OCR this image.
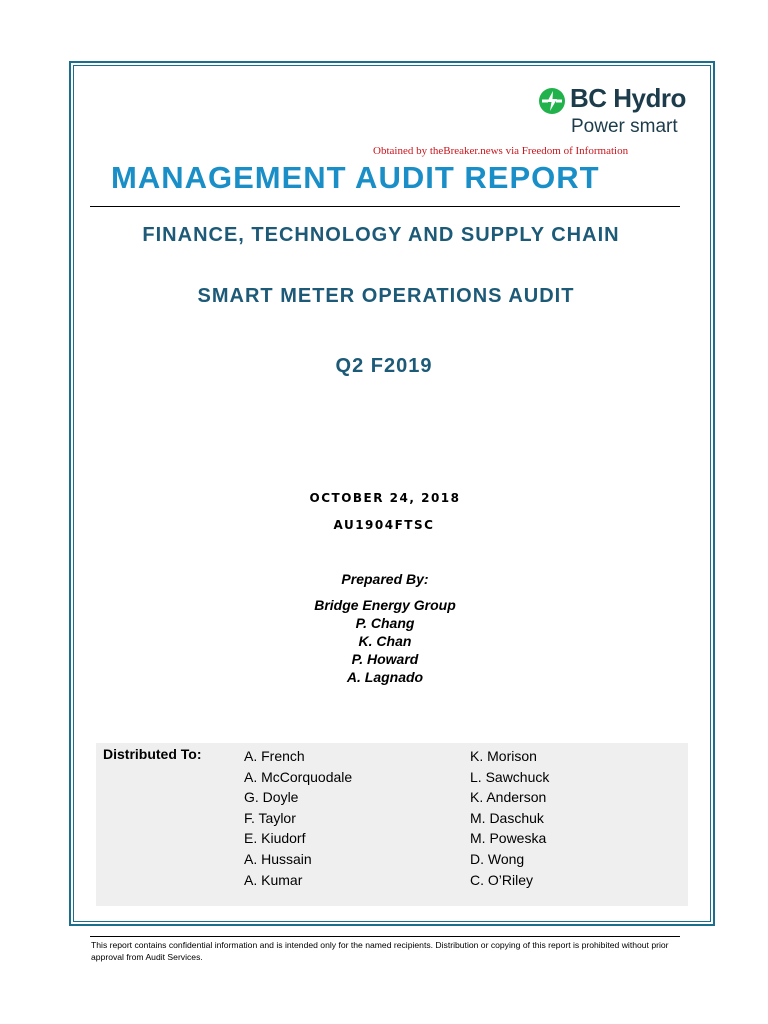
BC Hydro
Power smart
Obtained by theBreaker.news via Freedom of Information
MANAGEMENT AUDIT REPORT
FINANCE, TECHNOLOGY AND SUPPLY CHAIN
SMART METER OPERATIONS AUDIT
Q2 F2019
OCTOBER 24, 2018
AU1904FTSC
Prepared By:
Bridge Energy Group
P. Chang
K. Chan
P. Howard
A. Lagnado
Distributed To:	A. French
A. McCorquodale
G. Doyle
F. Taylor
E. Kiudorf
A. Hussain
A. Kumar
K. Morison
L. Sawchuck
K. Anderson
M. Daschuk
M. Poweska
D. Wong
C. O’Riley
This report contains confidential information and is intended only for the named recipients. Distribution or copying of this report is prohibited without prior approval from Audit Services.
